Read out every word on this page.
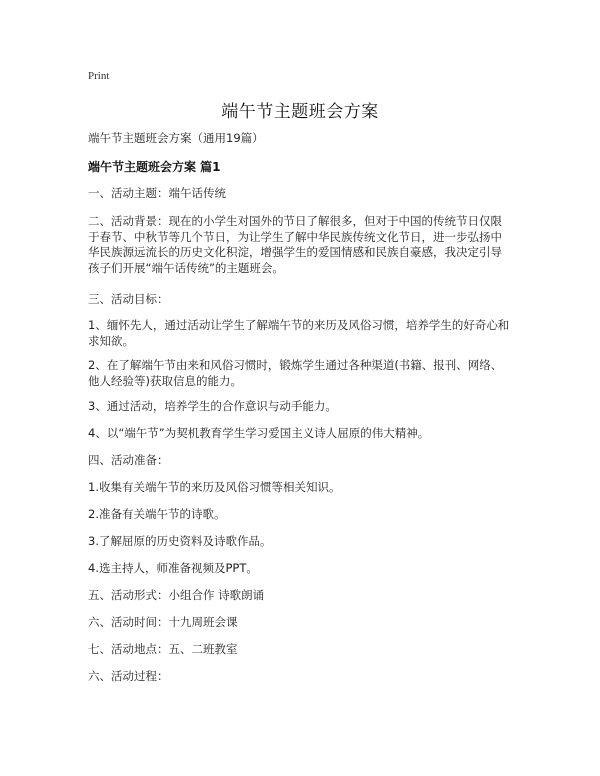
Print
端午节主题班会方案
端午节主题班会方案（通用19篇）
端午节主题班会方案 篇1
一、活动主题：端午话传统
二、活动背景：现在的小学生对国外的节日了解很多，但对于中国的传统节日仅限于春节、中秋节等几个节日，为让学生了解中华民族传统文化节日，进一步弘扬中华民族源远流长的历史文化积淀，增强学生的爱国情感和民族自豪感，我决定引导孩子们开展“端午话传统”的主题班会。
三、活动目标：
1、缅怀先人，通过活动让学生了解端午节的来历及风俗习惯，培养学生的好奇心和求知欲。
2、在了解端午节由来和风俗习惯时，锻炼学生通过各种渠道(书籍、报刊、网络、他人经验等)获取信息的能力。
3、通过活动，培养学生的合作意识与动手能力。
4、以“端午节”为契机教育学生学习爱国主义诗人屈原的伟大精神。
四、活动准备：
1.收集有关端午节的来历及风俗习惯等相关知识。
2.准备有关端午节的诗歌。
3.了解屈原的历史资料及诗歌作品。
4.选主持人，师准备视频及PPT。
五、活动形式：小组合作 诗歌朗诵
六、活动时间：十九周班会课
七、活动地点：五、二班教室
六、活动过程：
